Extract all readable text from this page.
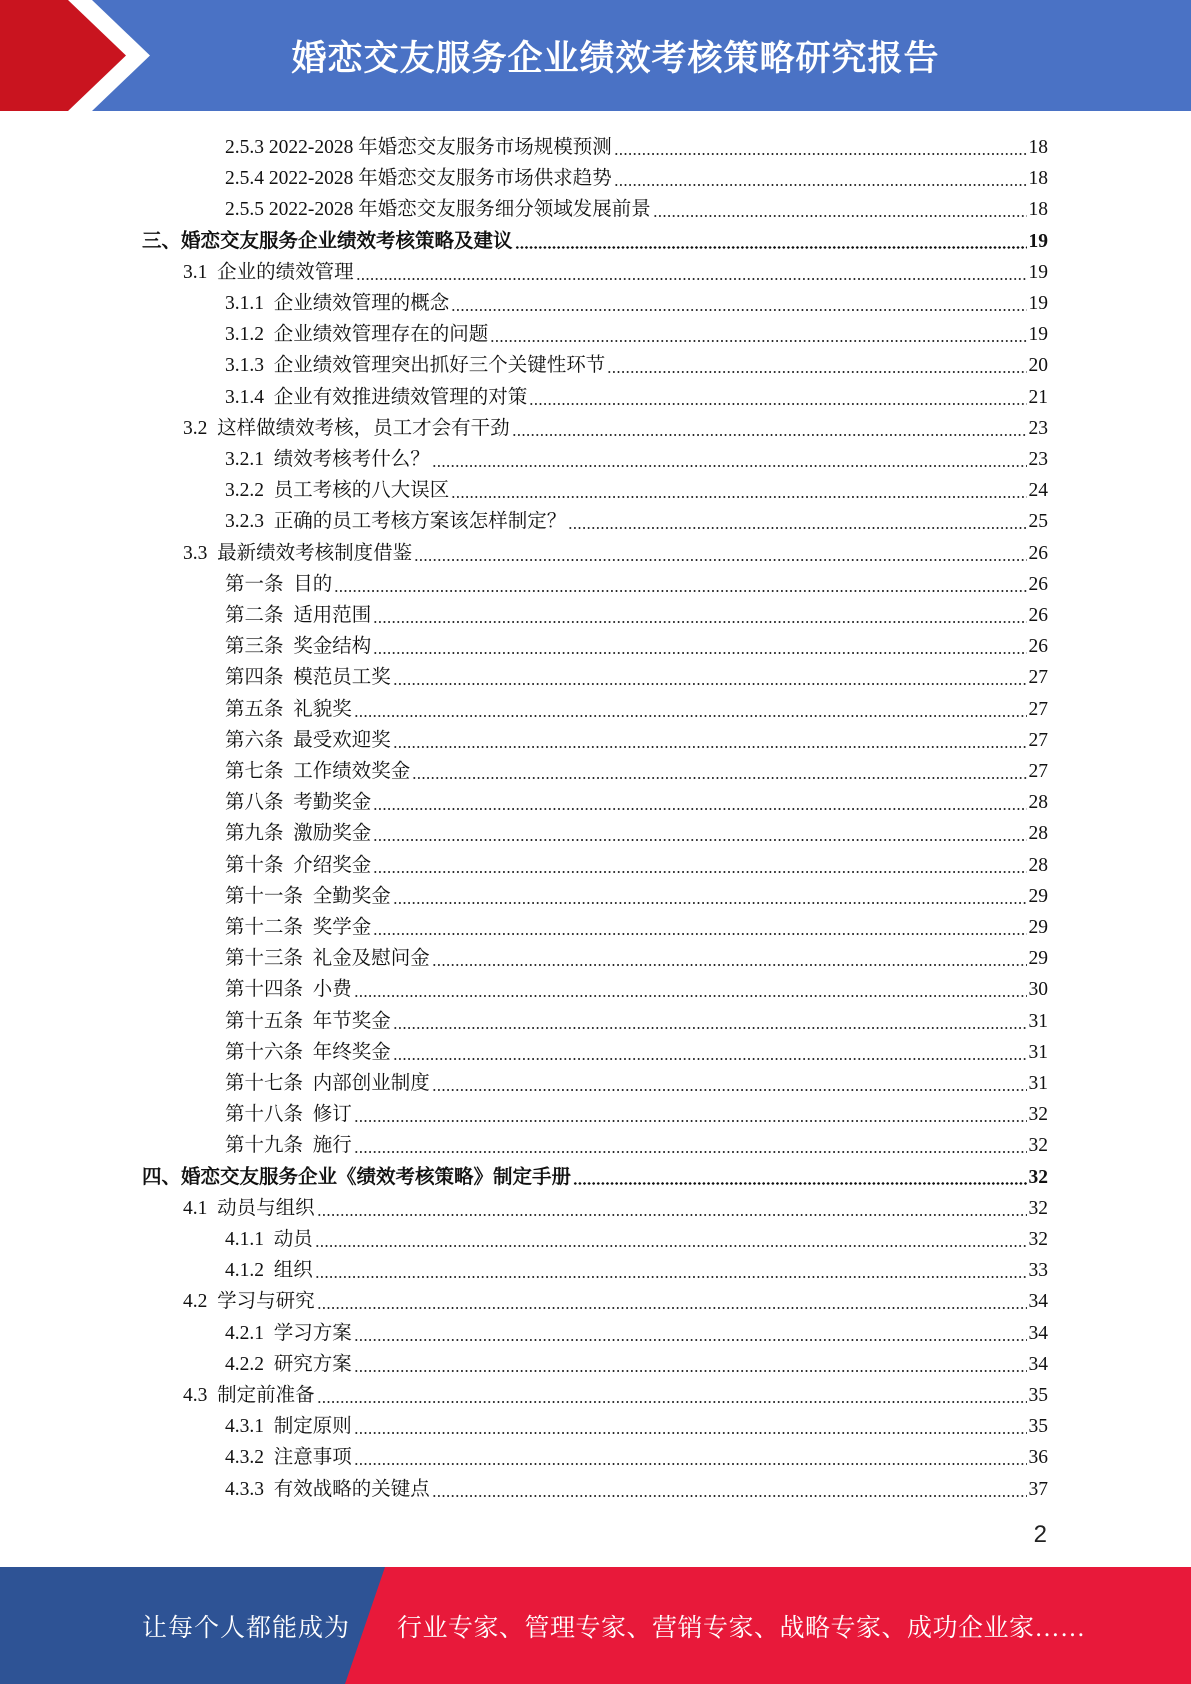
婚恋交友服务企业绩效考核策略研究报告
2.5.3 2022-2028 年婚恋交友服务市场规模预测	18
2.5.4 2022-2028 年婚恋交友服务市场供求趋势	18
2.5.5 2022-2028 年婚恋交友服务细分领域发展前景	18
三、婚恋交友服务企业绩效考核策略及建议	19
3.1  企业的绩效管理	19
3.1.1  企业绩效管理的概念	19
3.1.2  企业绩效管理存在的问题	19
3.1.3  企业绩效管理突出抓好三个关键性环节	20
3.1.4  企业有效推进绩效管理的对策	21
3.2  这样做绩效考核，员工才会有干劲	23
3.2.1  绩效考核考什么？	23
3.2.2  员工考核的八大误区	24
3.2.3  正确的员工考核方案该怎样制定？	25
3.3  最新绩效考核制度借鉴	26
第一条  目的	26
第二条  适用范围	26
第三条  奖金结构	26
第四条  模范员工奖	27
第五条  礼貌奖	27
第六条  最受欢迎奖	27
第七条  工作绩效奖金	27
第八条  考勤奖金	28
第九条  激励奖金	28
第十条  介绍奖金	28
第十一条  全勤奖金	29
第十二条  奖学金	29
第十三条  礼金及慰问金	29
第十四条  小费	30
第十五条  年节奖金	31
第十六条  年终奖金	31
第十七条  内部创业制度	31
第十八条  修订	32
第十九条  施行	32
四、婚恋交友服务企业《绩效考核策略》制定手册	32
4.1  动员与组织	32
4.1.1  动员	32
4.1.2  组织	33
4.2  学习与研究	34
4.2.1  学习方案	34
4.2.2  研究方案	34
4.3  制定前准备	35
4.3.1  制定原则	35
4.3.2  注意事项	36
4.3.3  有效战略的关键点	37
2
让每个人都能成为 行业专家、管理专家、营销专家、战略专家、成功企业家……
